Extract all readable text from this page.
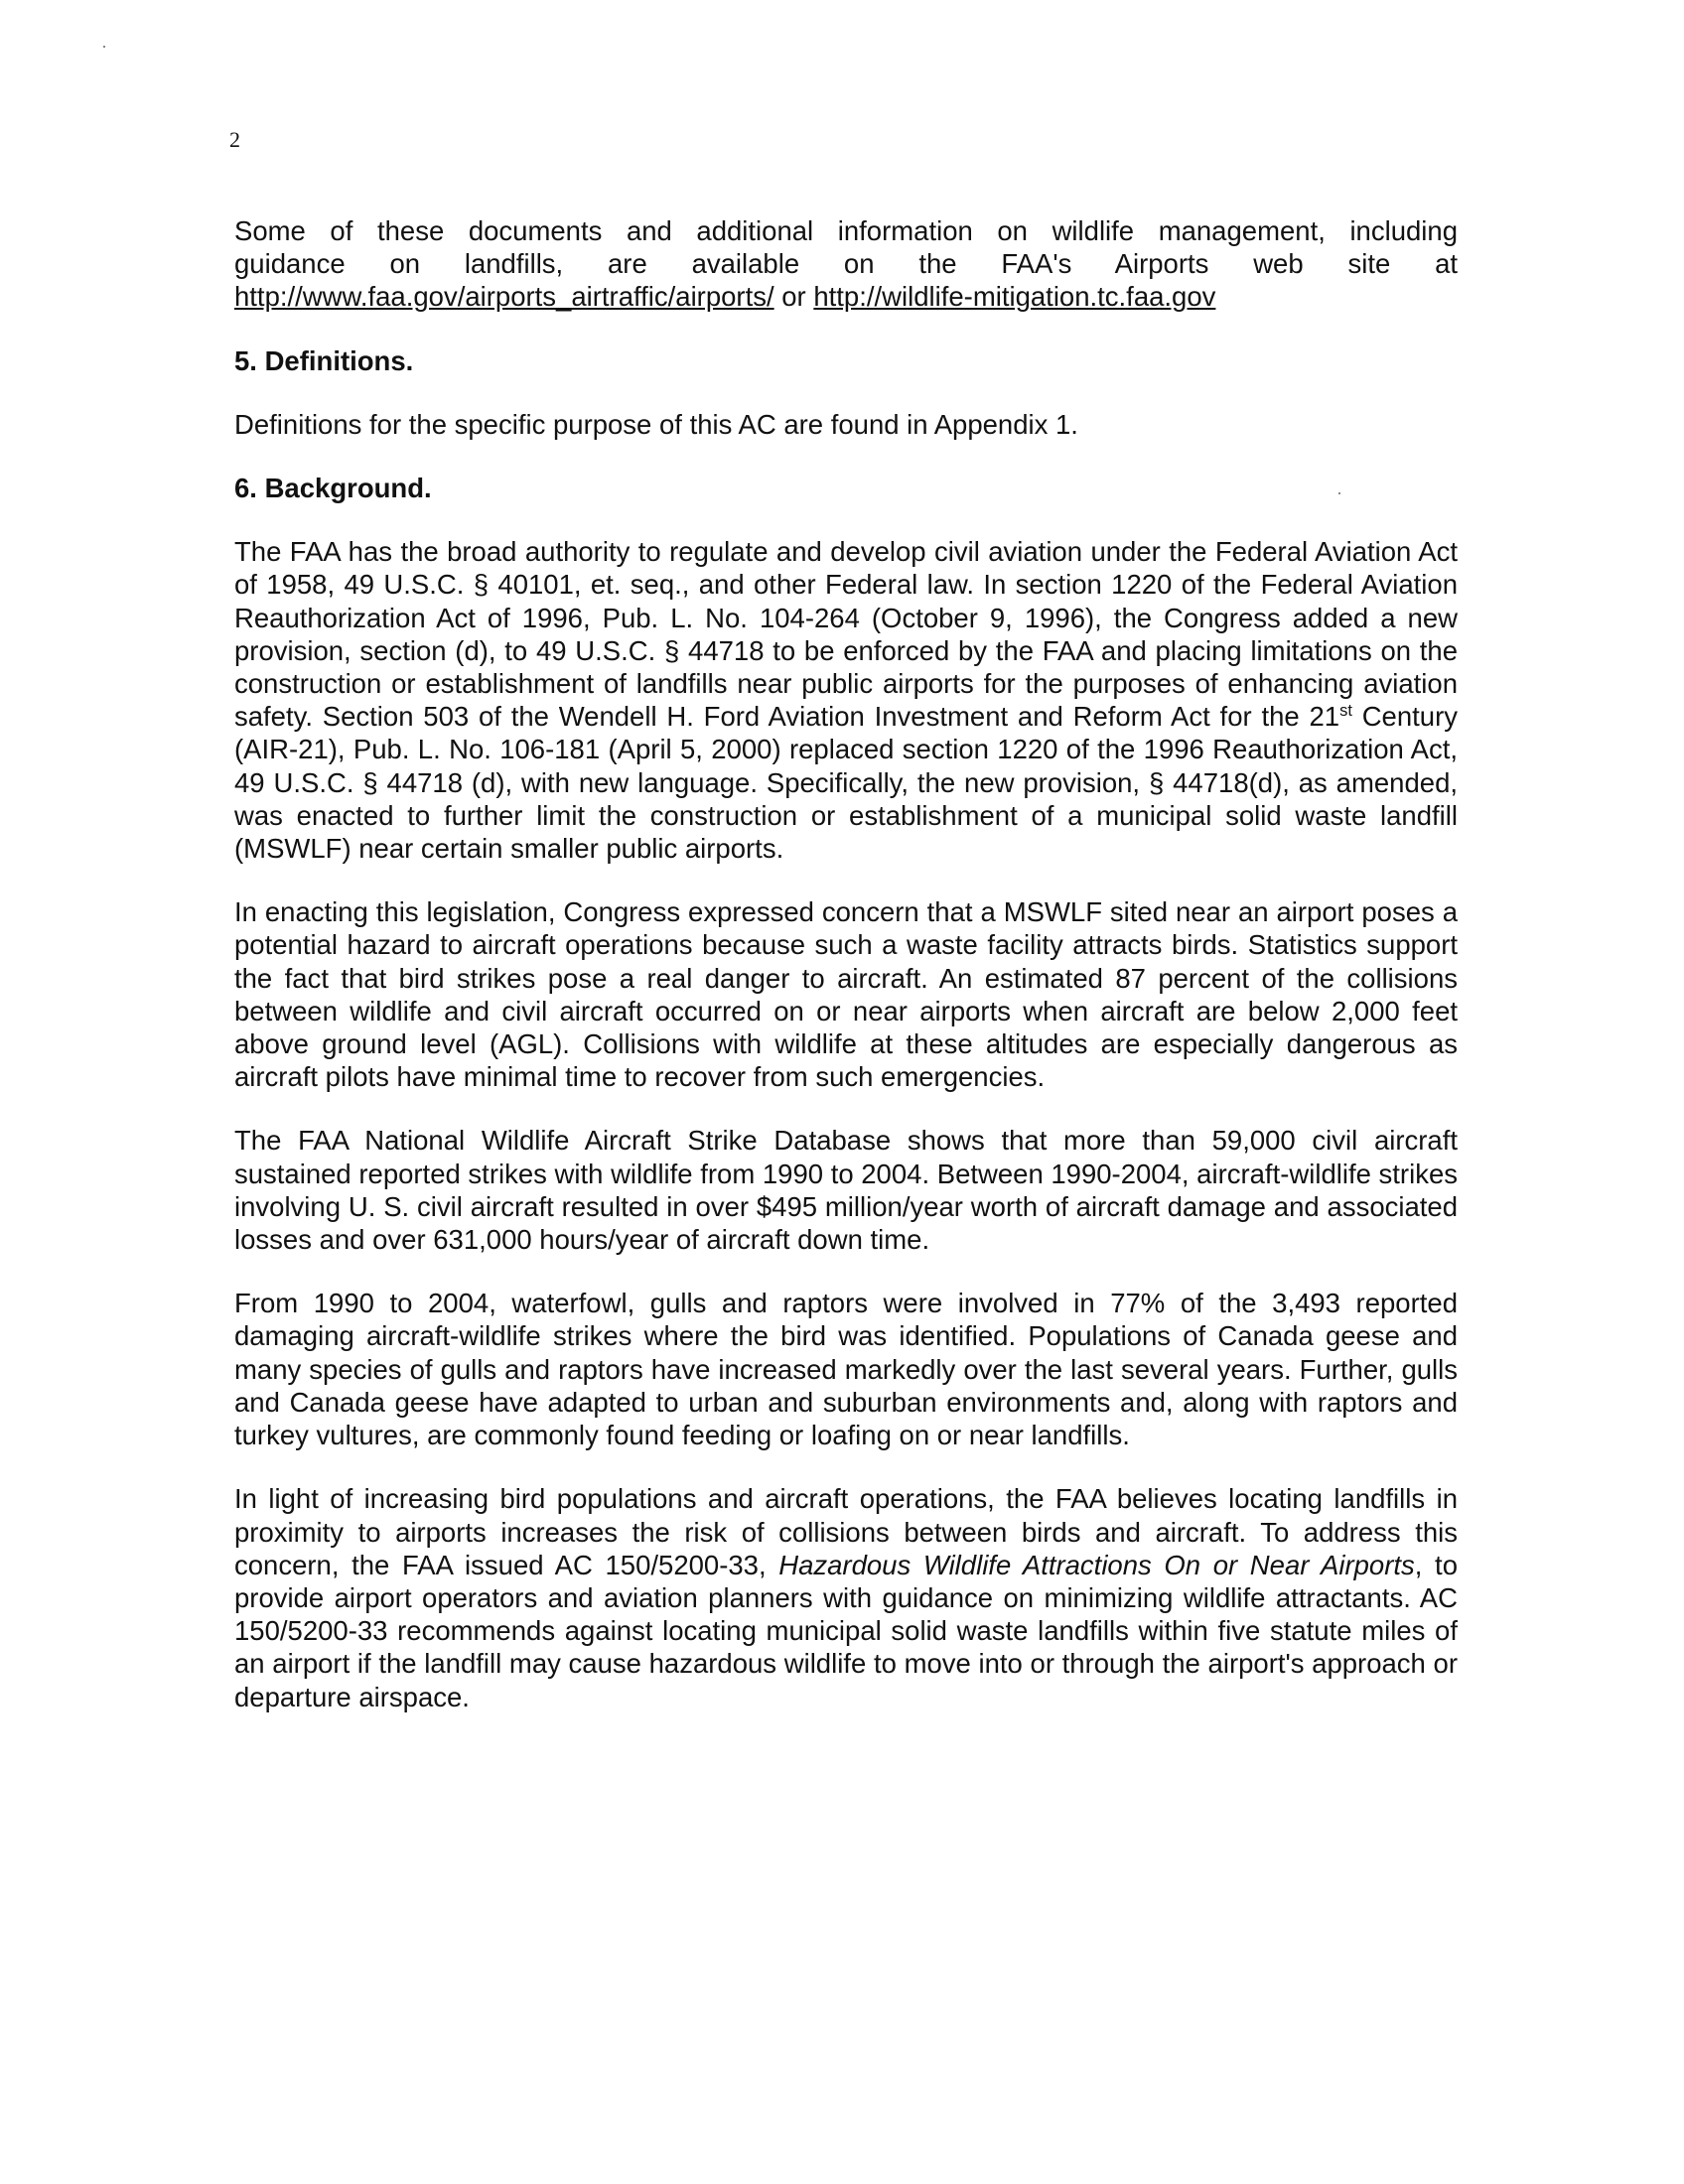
2
Some of these documents and additional information on wildlife management, including
guidance on landfills, are available on the FAA's Airports web site at
http://www.faa.gov/airports_airtraffic/airports/ or http://wildlife-mitigation.tc.faa.gov
5. Definitions.
Definitions for the specific purpose of this AC are found in Appendix 1.
6. Background.
The FAA has the broad authority to regulate and develop civil aviation under the Federal Aviation Act of 1958, 49 U.S.C. § 40101, et. seq., and other Federal law. In section 1220 of the Federal Aviation Reauthorization Act of 1996, Pub. L. No. 104-264 (October 9, 1996), the Congress added a new provision, section (d), to 49 U.S.C. § 44718 to be enforced by the FAA and placing limitations on the construction or establishment of landfills near public airports for the purposes of enhancing aviation safety. Section 503 of the Wendell H. Ford Aviation Investment and Reform Act for the 21st Century (AIR-21), Pub. L. No. 106-181 (April 5, 2000) replaced section 1220 of the 1996 Reauthorization Act, 49 U.S.C. § 44718 (d), with new language. Specifically, the new provision, § 44718(d), as amended, was enacted to further limit the construction or establishment of a municipal solid waste landfill (MSWLF) near certain smaller public airports.
In enacting this legislation, Congress expressed concern that a MSWLF sited near an airport poses a potential hazard to aircraft operations because such a waste facility attracts birds. Statistics support the fact that bird strikes pose a real danger to aircraft. An estimated 87 percent of the collisions between wildlife and civil aircraft occurred on or near airports when aircraft are below 2,000 feet above ground level (AGL). Collisions with wildlife at these altitudes are especially dangerous as aircraft pilots have minimal time to recover from such emergencies.
The FAA National Wildlife Aircraft Strike Database shows that more than 59,000 civil aircraft sustained reported strikes with wildlife from 1990 to 2004. Between 1990-2004, aircraft-wildlife strikes involving U. S. civil aircraft resulted in over $495 million/year worth of aircraft damage and associated losses and over 631,000 hours/year of aircraft down time.
From 1990 to 2004, waterfowl, gulls and raptors were involved in 77% of the 3,493 reported damaging aircraft-wildlife strikes where the bird was identified. Populations of Canada geese and many species of gulls and raptors have increased markedly over the last several years. Further, gulls and Canada geese have adapted to urban and suburban environments and, along with raptors and turkey vultures, are commonly found feeding or loafing on or near landfills.
In light of increasing bird populations and aircraft operations, the FAA believes locating landfills in proximity to airports increases the risk of collisions between birds and aircraft. To address this concern, the FAA issued AC 150/5200-33, Hazardous Wildlife Attractions On or Near Airports, to provide airport operators and aviation planners with guidance on minimizing wildlife attractants. AC 150/5200-33 recommends against locating municipal solid waste landfills within five statute miles of an airport if the landfill may cause hazardous wildlife to move into or through the airport's approach or departure airspace.
